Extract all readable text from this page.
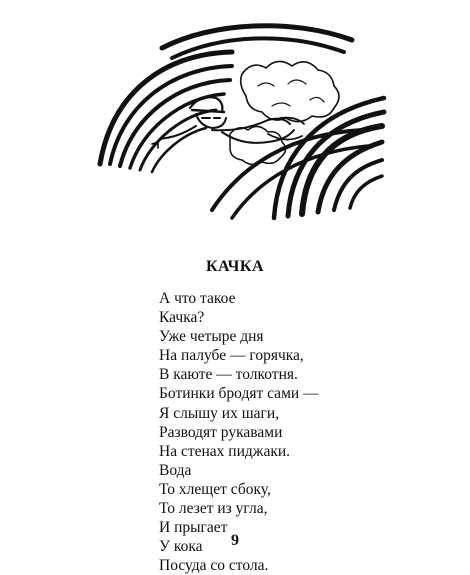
КАЧКА
А что такое
Качка?
Уже четыре дня
На палубе — горячка,
В каюте — толкотня.
Ботинки бродят сами —
Я слышу их шаги,
Разводят рукавами
На стенах пиджаки.
Вода
То хлещет сбоку,
То лезет из угла,
И прыгает
У кока
Посуда со стола.
9
